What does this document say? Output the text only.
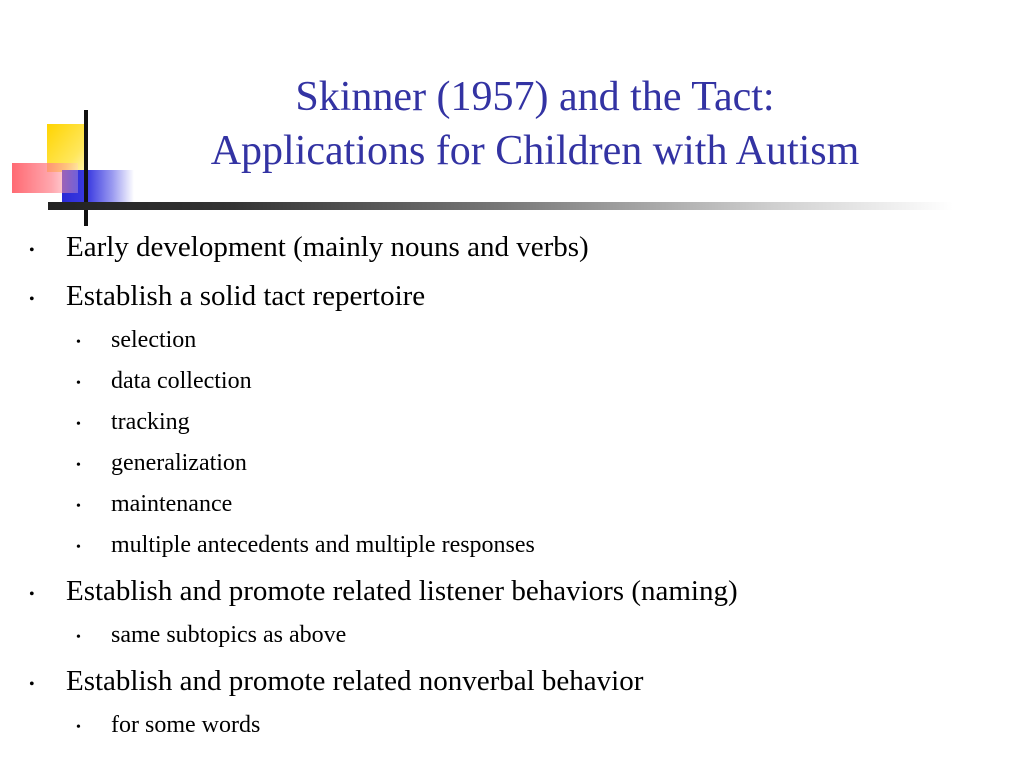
Skinner (1957) and the Tact:
Applications for Children with Autism
• Early development (mainly nouns and verbs)
• Establish a solid tact repertoire
• selection
• data collection
• tracking
• generalization
• maintenance
• multiple antecedents and multiple responses
• Establish and promote related listener behaviors (naming)
• same subtopics as above
• Establish and promote related nonverbal behavior
• for some words
